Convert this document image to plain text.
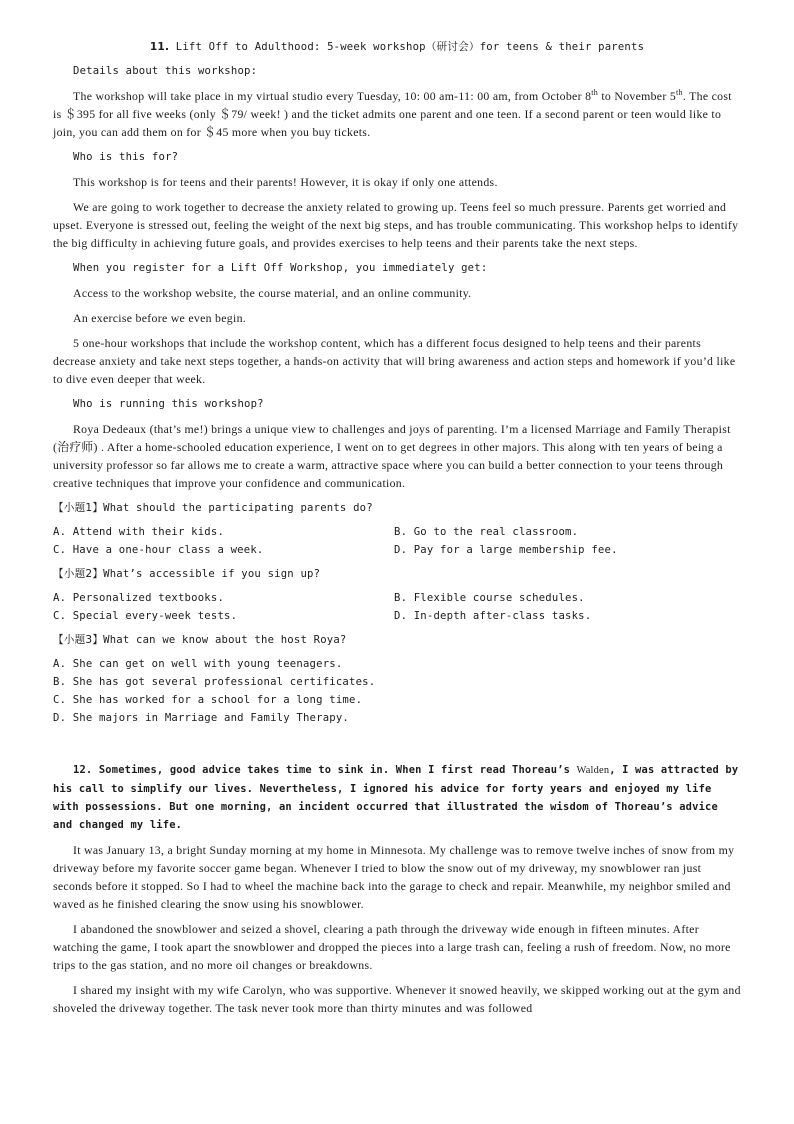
11. Lift Off to Adulthood: 5-week workshop（研讨会）for teens & their parents

Details about this workshop:

The workshop will take place in my virtual studio every Tuesday, 10: 00 am-11: 00 am, from October 8th to November 5th. The cost is ＄395 for all five weeks (only ＄79/ week! ) and the ticket admits one parent and one teen. If a second parent or teen would like to join, you can add them on for ＄45 more when you buy tickets.

Who is this for?

This workshop is for teens and their parents! However, it is okay if only one attends.

We are going to work together to decrease the anxiety related to growing up. Teens feel so much pressure. Parents get worried and upset. Everyone is stressed out, feeling the weight of the next big steps, and has trouble communicating. This workshop helps to identify the big difficulty in achieving future goals, and provides exercises to help teens and their parents take the next steps.

When you register for a Lift Off Workshop, you immediately get:

Access to the workshop website, the course material, and an online community.

An exercise before we even begin.

5 one-hour workshops that include the workshop content, which has a different focus designed to help teens and their parents decrease anxiety and take next steps together, a hands-on activity that will bring awareness and action steps and homework if you’d like to dive even deeper that week.

Who is running this workshop?

Roya Dedeaux (that’s me!) brings a unique view to challenges and joys of parenting. I’m a licensed Marriage and Family Therapist (治疗师) . After a home-schooled education experience, I went on to get degrees in other majors. This along with ten years of being a university professor so far allows me to create a warm, attractive space where you can build a better connection to your teens through creative techniques that improve your confidence and communication.

【小题1】What should the participating parents do?
A. Attend with their kids.	B. Go to the real classroom.
C. Have a one-hour class a week.	D. Pay for a large membership fee.
【小题2】What’s accessible if you sign up?
A. Personalized textbooks.	B. Flexible course schedules.
C. Special every-week tests.	D. In-depth after-class tasks.
【小题3】What can we know about the host Roya?
A. She can get on well with young teenagers.
B. She has got several professional certificates.
C. She has worked for a school for a long time.
D. She majors in Marriage and Family Therapy.

12. Sometimes, good advice takes time to sink in. When I first read Thoreau’s Walden, I was attracted by his call to simplify our lives. Nevertheless, I ignored his advice for forty years and enjoyed my life with possessions. But one morning, an incident occurred that illustrated the wisdom of Thoreau’s advice and changed my life.

It was January 13, a bright Sunday morning at my home in Minnesota. My challenge was to remove twelve inches of snow from my driveway before my favorite soccer game began. Whenever I tried to blow the snow out of my driveway, my snowblower ran just seconds before it stopped. So I had to wheel the machine back into the garage to check and repair. Meanwhile, my neighbor smiled and waved as he finished clearing the snow using his snowblower.

I abandoned the snowblower and seized a shovel, clearing a path through the driveway wide enough in fifteen minutes. After watching the game, I took apart the snowblower and dropped the pieces into a large trash can, feeling a rush of freedom. Now, no more trips to the gas station, and no more oil changes or breakdowns.

I shared my insight with my wife Carolyn, who was supportive. Whenever it snowed heavily, we skipped working out at the gym and shoveled the driveway together. The task never took more than thirty minutes and was followed
